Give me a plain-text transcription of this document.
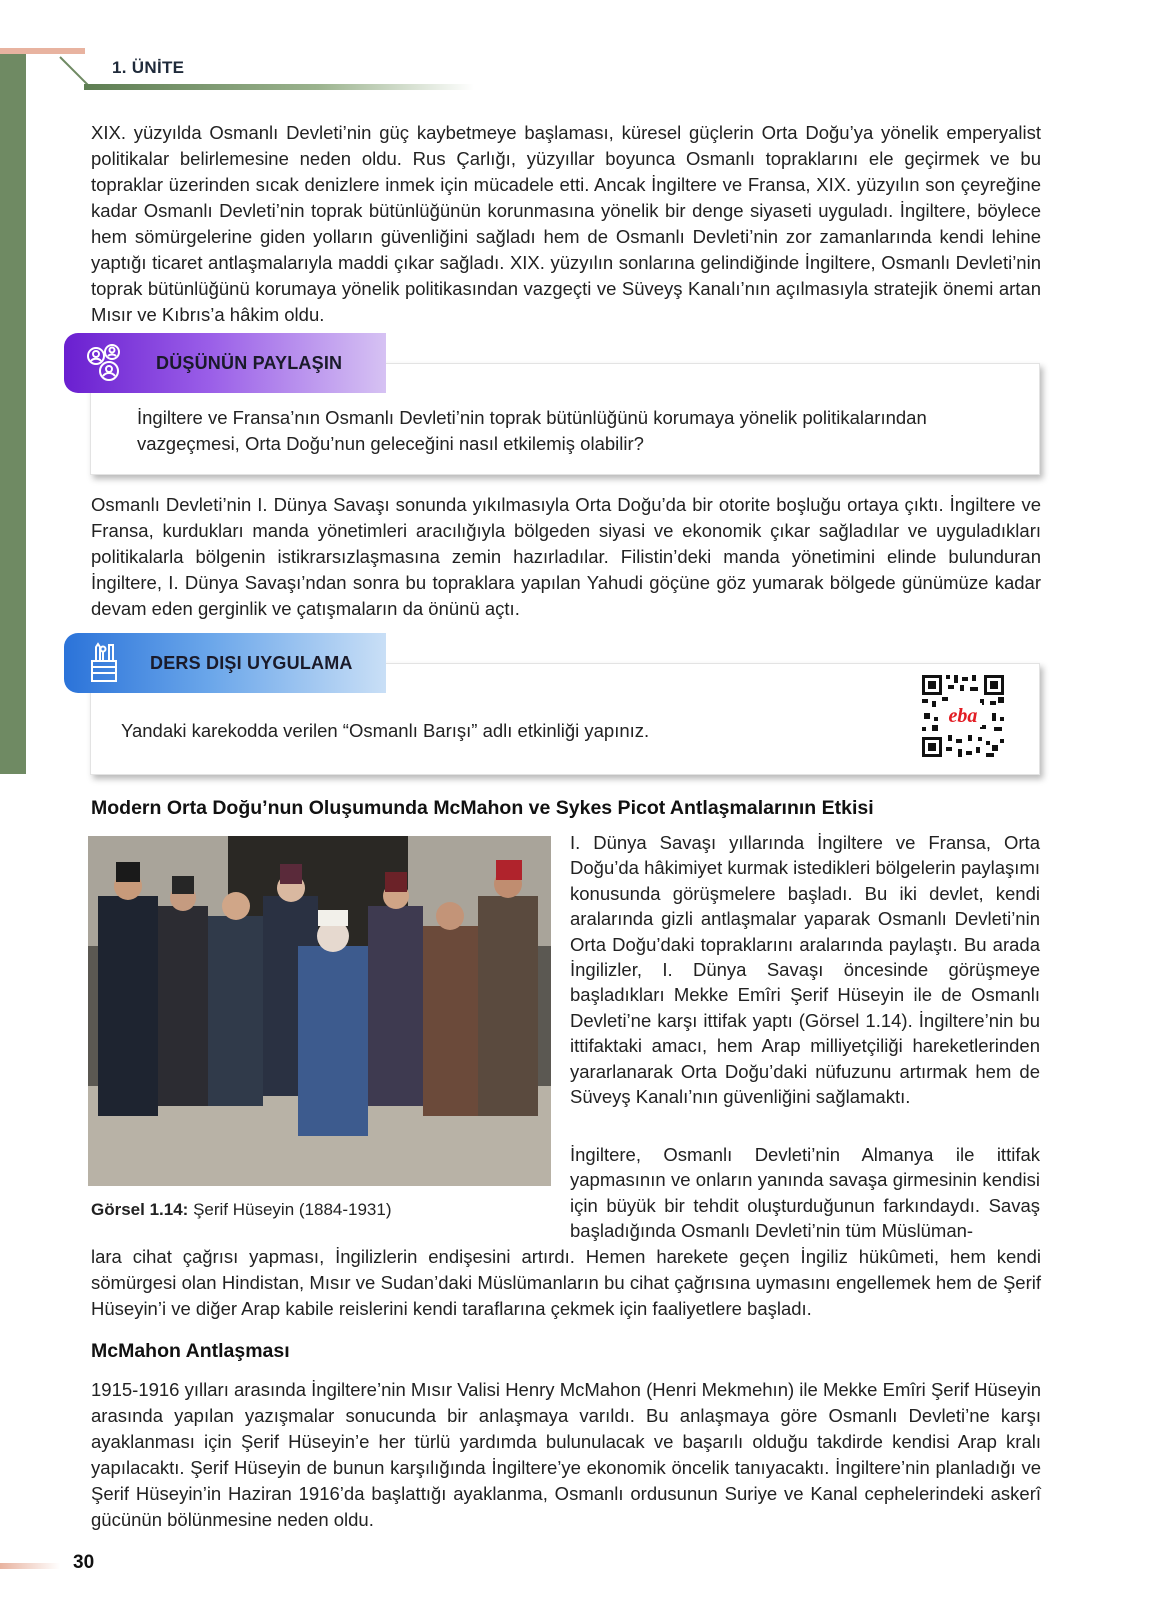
1. ÜNİTE

XIX. yüzyılda Osmanlı Devleti’nin güç kaybetmeye başlaması, küresel güçlerin Orta Doğu’ya yönelik emperyalist politikalar belirlemesine neden oldu. Rus Çarlığı, yüzyıllar boyunca Osmanlı topraklarını ele geçirmek ve bu topraklar üzerinden sıcak denizlere inmek için mücadele etti. Ancak İngiltere ve Fransa, XIX. yüzyılın son çeyreğine kadar Osmanlı Devleti’nin toprak bütünlüğünün korunmasına yönelik bir denge siyaseti uyguladı. İngiltere, böylece hem sömürgelerine giden yolların güvenliğini sağladı hem de Osmanlı Devleti’nin zor zamanlarında kendi lehine yaptığı ticaret antlaşmalarıyla maddi çıkar sağladı. XIX. yüzyılın sonlarına gelindiğinde İngiltere, Osmanlı Devleti’nin toprak bütünlüğünü korumaya yönelik politikasından vazgeçti ve Süveyş Kanalı’nın açılmasıyla stratejik önemi artan Mısır ve Kıbrıs’a hâkim oldu.

İngiltere ve Fransa’nın Osmanlı Devleti’nin toprak bütünlüğünü korumaya yönelik politikalarından vazgeçmesi, Orta Doğu’nun geleceğini nasıl etkilemiş olabilir?

DÜŞÜNÜN PAYLAŞIN

Osmanlı Devleti’nin I. Dünya Savaşı sonunda yıkılmasıyla Orta Doğu’da bir otorite boşluğu ortaya çıktı. İngiltere ve Fransa, kurdukları manda yönetimleri aracılığıyla bölgeden siyasi ve ekonomik çıkar sağladılar ve uyguladıkları politikalarla bölgenin istikrarsızlaşmasına zemin hazırladılar. Filistin’deki manda yönetimini elinde bulunduran İngiltere, I. Dünya Savaşı’ndan sonra bu topraklara yapılan Yahudi göçüne göz yumarak bölgede günümüze kadar devam eden gerginlik ve çatışmaların da önünü açtı.

Yandaki karekodda verilen “Osmanlı Barışı” adlı etkinliği yapınız.

DERS DIŞI UYGULAMA
eba
Modern Orta Doğu’nun Oluşumunda McMahon ve Sykes Picot Antlaşmalarının Etkisi
Görsel 1.14: Şerif Hüseyin (1884-1931)

I. Dünya Savaşı yıllarında İngiltere ve Fransa, Orta Doğu’da hâkimiyet kurmak istedikleri bölgelerin paylaşımı konusunda görüşmelere başladı. Bu iki devlet, kendi aralarında gizli antlaşmalar yaparak Osmanlı Devleti’nin Orta Doğu’daki topraklarını aralarında paylaştı. Bu arada İngilizler, I. Dünya Savaşı öncesinde görüşmeye başladıkları Mekke Emîri Şerif Hüseyin ile de Osmanlı Devleti’ne karşı ittifak yaptı (Görsel 1.14). İngiltere’nin bu ittifaktaki amacı, hem Arap milliyetçiliği hareketlerinden yararlanarak Orta Doğu’daki nüfuzunu artırmak hem de Süveyş Kanalı’nın güvenliğini sağlamaktı.

İngiltere, Osmanlı Devleti’nin Almanya ile ittifak yapmasının ve onların yanında savaşa girmesinin kendisi için büyük bir tehdit oluşturduğunun farkındaydı. Savaş başladığında Osmanlı Devleti’nin tüm Müslüman-

lara cihat çağrısı yapması, İngilizlerin endişesini artırdı. Hemen harekete geçen İngiliz hükûmeti, hem kendi sömürgesi olan Hindistan, Mısır ve Sudan’daki Müslümanların bu cihat çağrısına uymasını engellemek hem de Şerif Hüseyin’i ve diğer Arap kabile reislerini kendi taraflarına çekmek için faaliyetlere başladı.

McMahon Antlaşması

1915-1916 yılları arasında İngiltere’nin Mısır Valisi Henry McMahon (Henri Mekmehın) ile Mekke Emîri Şerif Hüseyin arasında yapılan yazışmalar sonucunda bir anlaşmaya varıldı. Bu anlaşmaya göre Osmanlı Devleti’ne karşı ayaklanması için Şerif Hüseyin’e her türlü yardımda bulunulacak ve başarılı olduğu takdirde kendisi Arap kralı yapılacaktı. Şerif Hüseyin de bunun karşılığında İngiltere’ye ekonomik öncelik tanıyacaktı. İngiltere’nin planladığı ve Şerif Hüseyin’in Haziran 1916’da başlattığı ayaklanma, Osmanlı ordusunun Suriye ve Kanal cephelerindeki askerî gücünün bölünmesine neden oldu.

30
